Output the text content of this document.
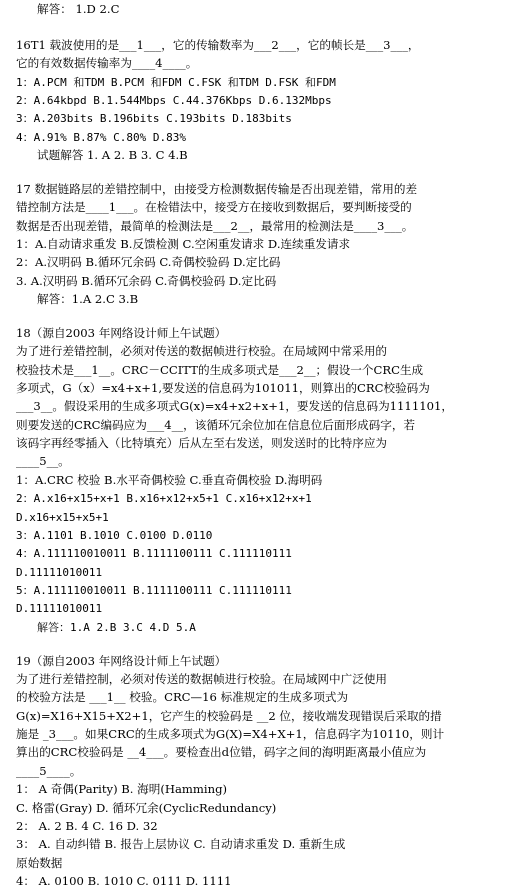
解答： 1.D 2.C
16T1 载波使用的是___1___，它的传输数率为___2___，它的帧长是___3___，
它的有效数据传输率为____4____。
1：A.PCM 和TDM B.PCM 和FDM C.FSK 和TDM D.FSK 和FDM
2：A.64kbpd B.1.544Mbps C.44.376Kbps D.6.132Mbps
3：A.203bits B.196bits C.193bits D.183bits
4：A.91% B.87% C.80% D.83%
试题解答 1. A 2. B 3. C 4.B
17 数据链路层的差错控制中，由接受方检测数据传输是否出现差错，常用的差
错控制方法是____1___。在检错法中，接受方在接收到数据后，要判断接受的
数据是否出现差错，最简单的检测法是___2__，最常用的检测法是____3___。
1：A.自动请求重发 B.反馈检测 C.空闲重发请求 D.连续重发请求
2：A.汉明码 B.循环冗余码 C.奇偶校验码 D.定比码
3. A.汉明码 B.循环冗余码 C.奇偶校验码 D.定比码
解答：1.A 2.C 3.B
18（源自2003 年网络设计师上午试题）
为了进行差错控制，必须对传送的数据帧进行校验。在局域网中常采用的
校验技术是___1__。CRC－CCITT的生成多项式是___2__；假设一个CRC生成
多项式，G（x）=x4+x+1,要发送的信息码为101011，则算出的CRC校验码为
___3__。假设采用的生成多项式G(x)=x4+x2+x+1，要发送的信息码为1111101，
则要发送的CRC编码应为___4__，该循环冗余位加在信息位后面形成码字，若
该码字再经零插入（比特填充）后从左至右发送，则发送时的比特序应为
____5__。
1：A.CRC 校验 B.水平奇偶校验 C.垂直奇偶校验 D.海明码
2：A.x16+x15+x+1 B.x16+x12+x5+1 C.x16+x12+x+1
D.x16+x15+x5+1
3：A.1101 B.1010 C.0100 D.0110
4：A.111110010011 B.1111100111 C.111110111
D.11111010011
5：A.111110010011 B.1111100111 C.111110111
D.11111010011
解答：1.A 2.B 3.C 4.D 5.A
19（源自2003 年网络设计师上午试题）
为了进行差错控制，必须对传送的数据帧进行校验。在局域网中广泛使用
的校验方法是 ___1__ 校验。CRC—16 标准规定的生成多项式为
G(x)=X16+X15+X2+1，它产生的校验码是 __2 位，接收端发现错误后采取的措
施是 _3___。如果CRC的生成多项式为G(X)=X4+X+1，信息码字为10110，则计
算出的CRC校验码是 __4___。要检查出d位错，码字之间的海明距离最小值应为
____5____。
1： A 奇偶(Parity) B. 海明(Hamming)
C. 格雷(Gray) D. 循环冗余(CyclicRedundancy)
2： A. 2 B. 4 C. 16 D. 32
3： A. 自动纠错 B. 报告上层协议 C. 自动请求重发 D. 重新生成
原始数据
4： A. 0100 B. 1010 C. 0111 D. 1111
